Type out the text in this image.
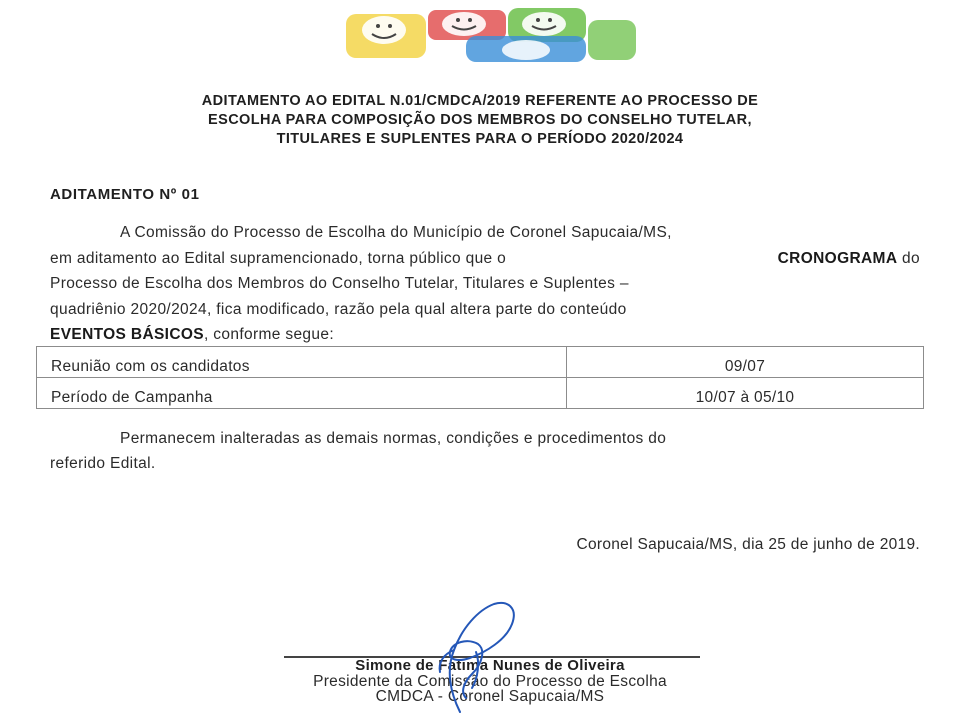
ADITAMENTO AO EDITAL N.01/CMDCA/2019 REFERENTE AO PROCESSO DE
ESCOLHA PARA COMPOSIÇÃO DOS MEMBROS DO CONSELHO TUTELAR,
TITULARES E SUPLENTES PARA O PERÍODO 2020/2024
ADITAMENTO Nº 01
A Comissão do Processo de Escolha do Município de Coronel Sapucaia/MS,
em aditamento ao Edital supramencionado, torna público que o	CRONOGRAMA do
Processo de Escolha dos Membros do Conselho Tutelar, Titulares e Suplentes –
quadriênio 2020/2024, fica modificado, razão pela qual altera parte do conteúdo
EVENTOS BÁSICOS, conforme segue:
Reunião com os candidatos	09/07
Período de Campanha	10/07 à 05/10
Permanecem inalteradas as demais normas, condições e procedimentos do
referido Edital.
Coronel Sapucaia/MS, dia 25 de junho de 2019.
Simone de Fatima Nunes de Oliveira
Presidente da Comissão do Processo de Escolha
CMDCA - Coronel Sapucaia/MS
